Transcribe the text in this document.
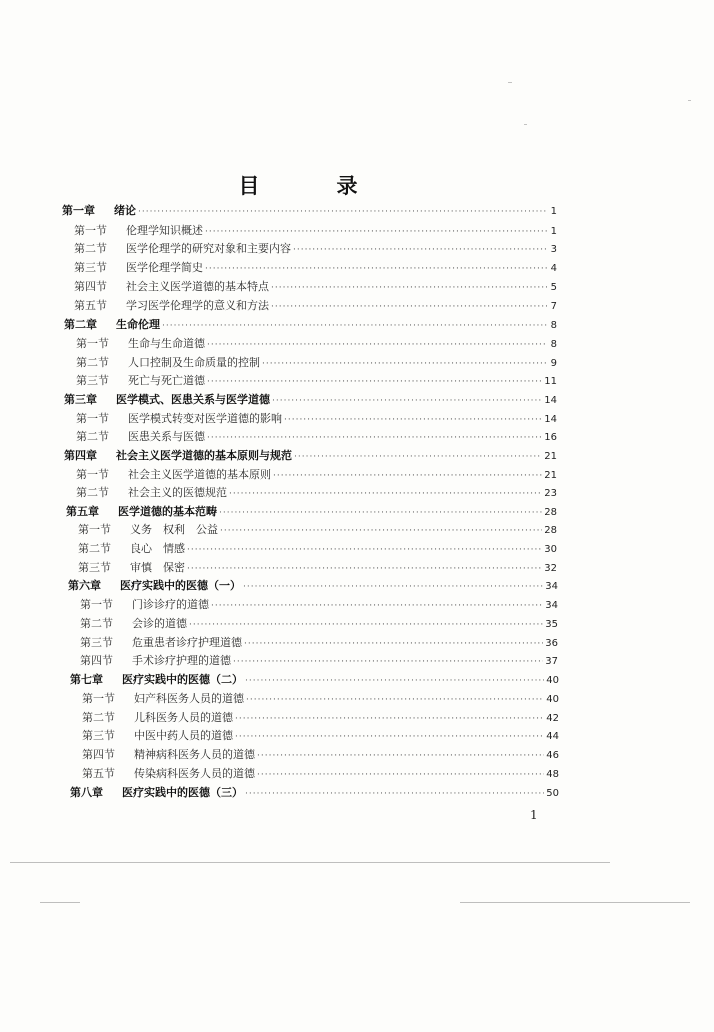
目　录
第一章	绪论 ·····	1
第一节	伦理学知识概述 ·····	1
第二节	医学伦理学的研究对象和主要内容 ·····	3
第三节	医学伦理学简史 ·····	4
第四节	社会主义医学道德的基本特点 ·····	5
第五节	学习医学伦理学的意义和方法 ·····	7
第二章	生命伦理 ·····	8
第一节	生命与生命道德 ·····	8
第二节	人口控制及生命质量的控制 ·····	9
第三节	死亡与死亡道德 ·····	11
第三章	医学模式、医患关系与医学道德 ·····	14
第一节	医学模式转变对医学道德的影响 ·····	14
第二节	医患关系与医德 ·····	16
第四章	社会主义医学道德的基本原则与规范 ·····	21
第一节	社会主义医学道德的基本原则 ·····	21
第二节	社会主义的医德规范 ·····	23
第五章	医学道德的基本范畴 ·····	28
第一节	义务　权利　公益 ·····	28
第二节	良心　情感 ·····	30
第三节	审慎　保密 ·····	32
第六章	医疗实践中的医德（一） ·····	34
第一节	门诊诊疗的道德 ·····	34
第二节	会诊的道德 ·····	35
第三节	危重患者诊疗护理道德 ·····	36
第四节	手术诊疗护理的道德 ·····	37
第七章	医疗实践中的医德（二） ·····	40
第一节	妇产科医务人员的道德 ·····	40
第二节	儿科医务人员的道德 ·····	42
第三节	中医中药人员的道德 ·····	44
第四节	精神病科医务人员的道德 ·····	46
第五节	传染病科医务人员的道德 ·····	48
第八章	医疗实践中的医德（三） ·····	50
1
